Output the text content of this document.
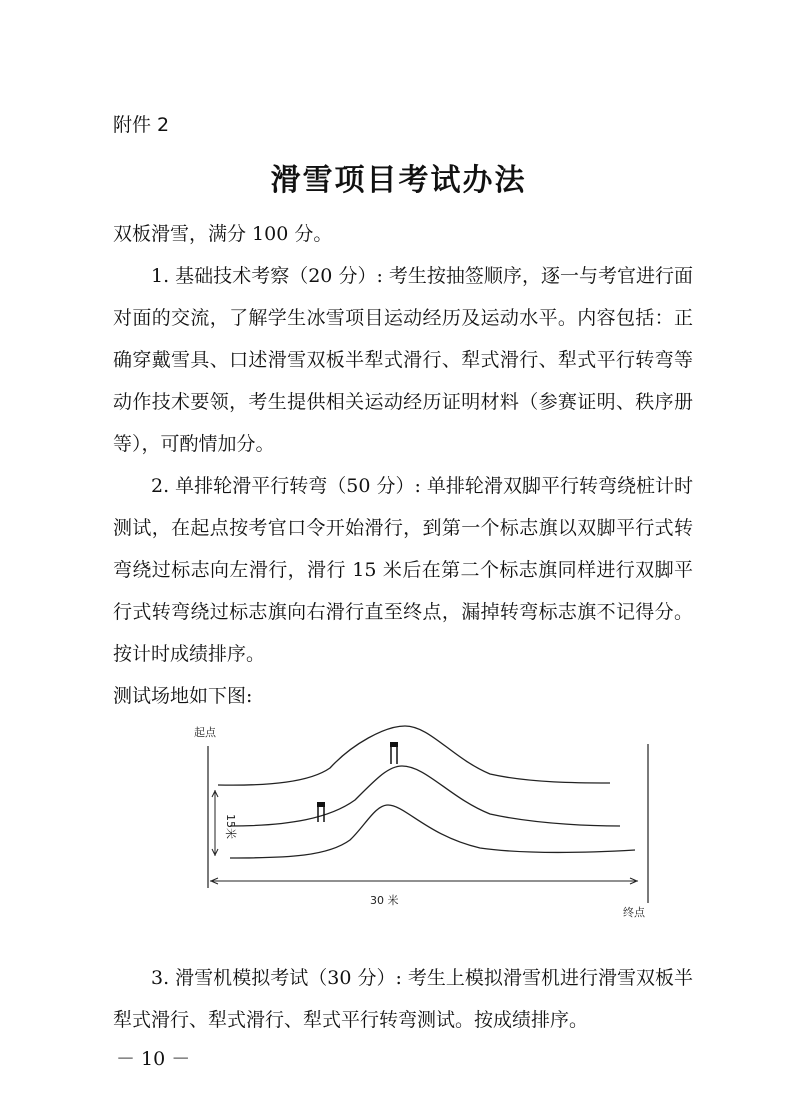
附件 2
滑雪项目考试办法

双板滑雪，满分 100 分。

1. 基础技术考察（20 分）: 考生按抽签顺序，逐一与考官进行面对面的交流，了解学生冰雪项目运动经历及运动水平。内容包括：正确穿戴雪具、口述滑雪双板半犁式滑行、犁式滑行、犁式平行转弯等动作技术要领，考生提供相关运动经历证明材料（参赛证明、秩序册等），可酌情加分。

2. 单排轮滑平行转弯（50 分）: 单排轮滑双脚平行转弯绕桩计时测试，在起点按考官口令开始滑行，到第一个标志旗以双脚平行式转弯绕过标志向左滑行，滑行 15 米后在第二个标志旗同样进行双脚平行式转弯绕过标志旗向右滑行直至终点，漏掉转弯标志旗不记得分。按计时成绩排序。

测试场地如下图:

起点
终点
15米
30 米

3. 滑雪机模拟考试（30 分）: 考生上模拟滑雪机进行滑雪双板半犁式滑行、犁式滑行、犁式平行转弯测试。按成绩排序。

－ 10 －
